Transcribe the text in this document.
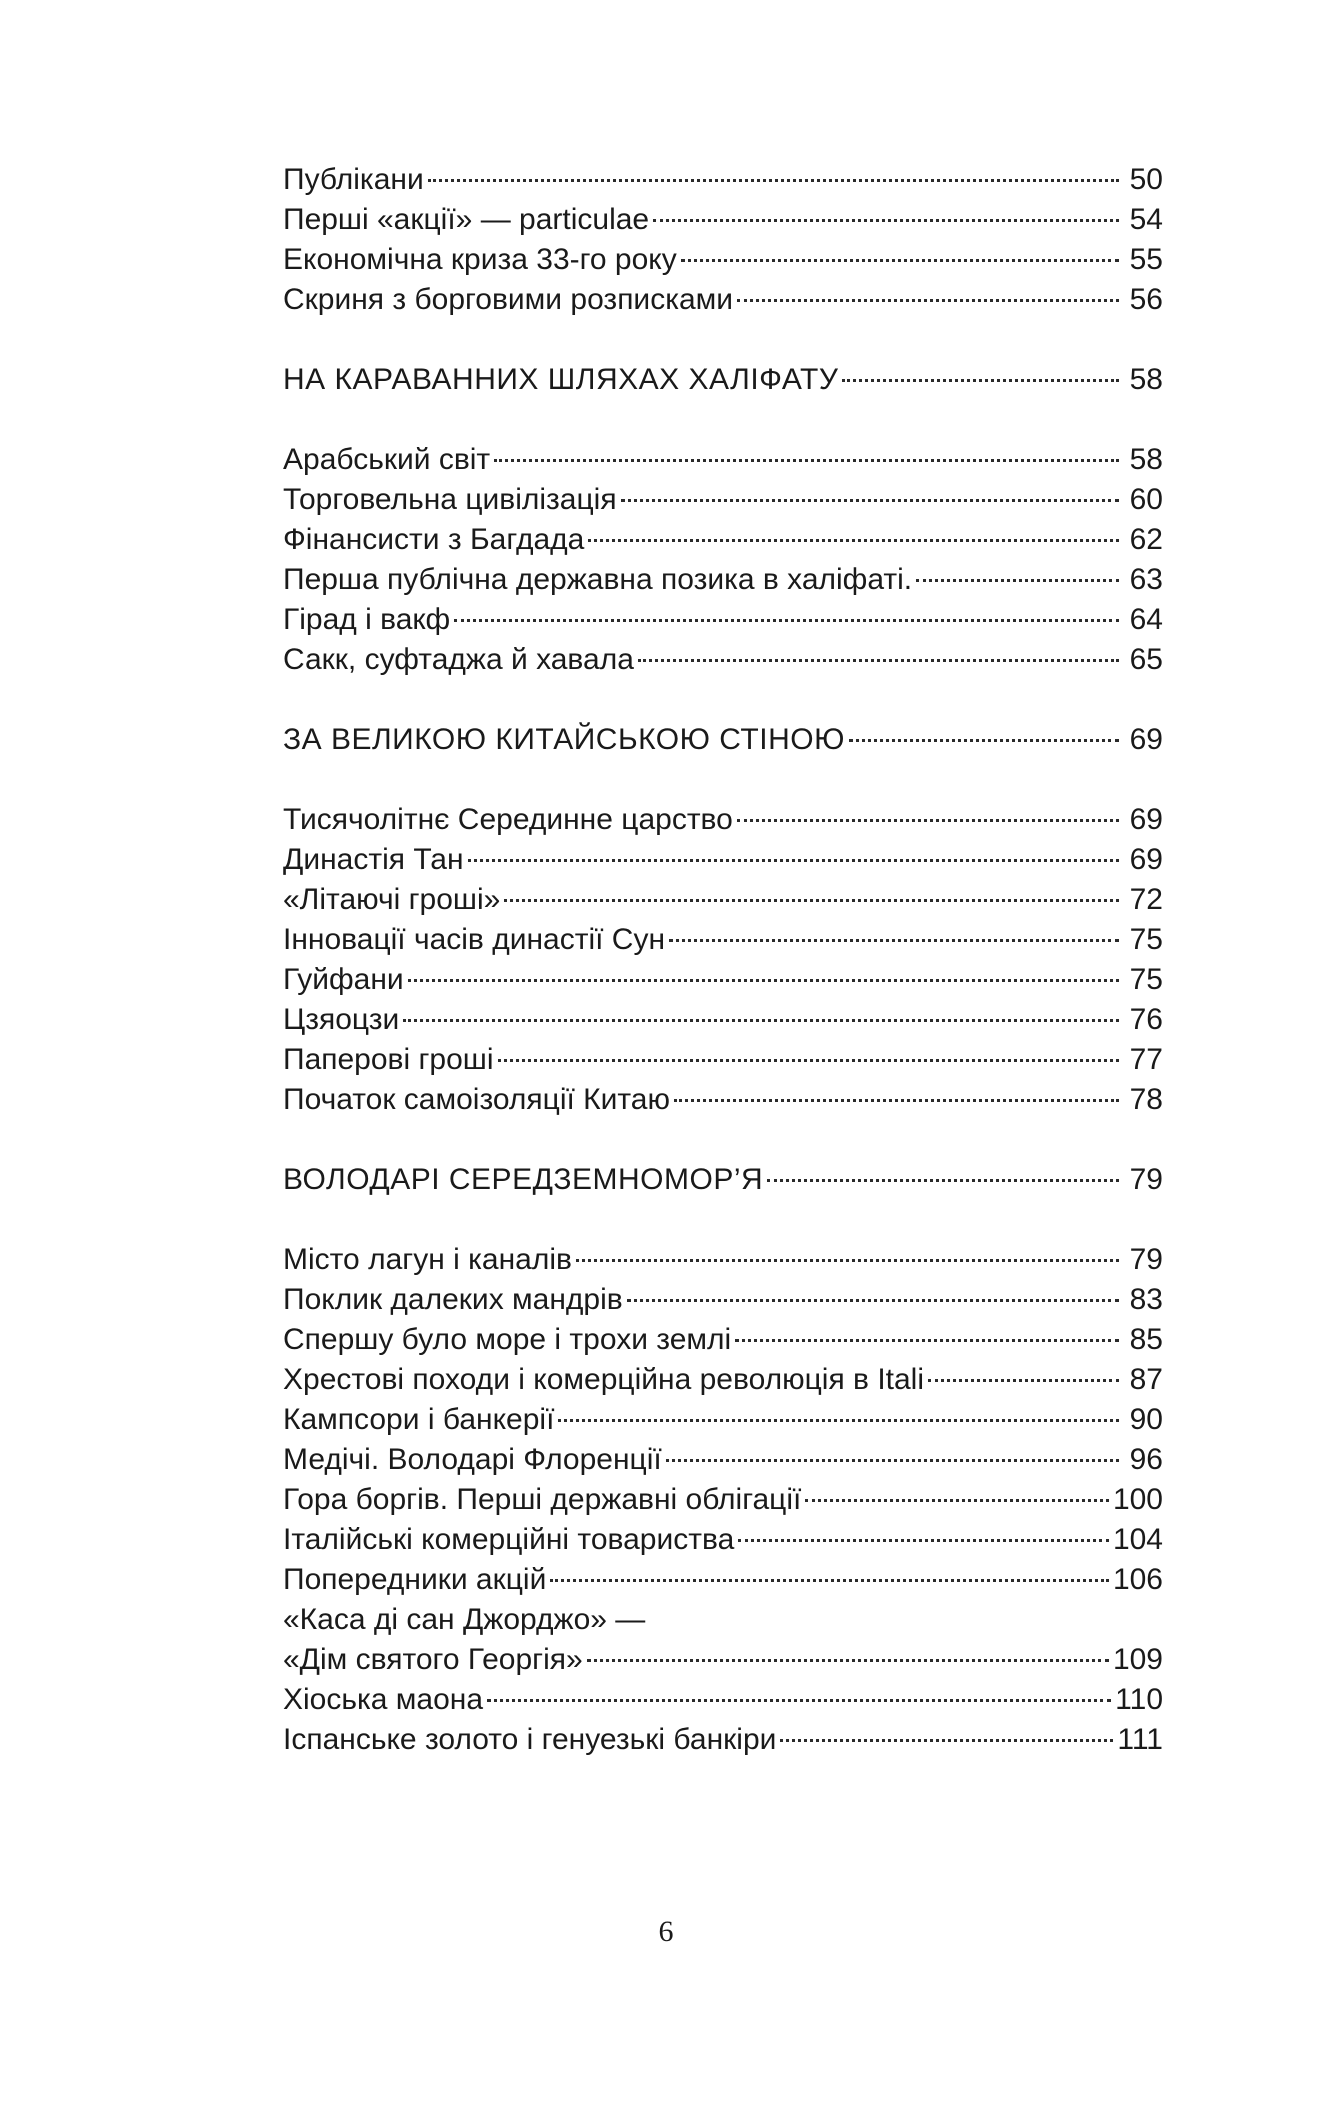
Публікани	50
Перші «акції» — particulae	54
Економічна криза 33-го року	55
Скриня з борговими розписками	56
НА КАРАВАННИХ ШЛЯХАХ ХАЛІФАТУ	58
Арабський світ	58
Торговельна цивілізація	60
Фінансисти з Багдада	62
Перша публічна державна позика в халіфаті.	63
Гірад і вакф	64
Сакк, суфтаджа й хавала	65
ЗА ВЕЛИКОЮ КИТАЙСЬКОЮ СТІНОЮ	69
Тисячолітнє Серединне царство	69
Династія Тан	69
«Літаючі гроші»	72
Інновації часів династії Сун	75
Гуйфани	75
Цзяоцзи	76
Паперові гроші	77
Початок самоізоляції Китаю	78
ВОЛОДАРІ СЕРЕДЗЕМНОМОР’Я	79
Місто лагун і каналів	79
Поклик далеких мандрів	83
Спершу було море і трохи землі	85
Хрестові походи і комерційна революція в Italі	87
Кампсори і банкерії	90
Медічі. Володарі Флоренції	96
Гора боргів. Перші державні облігації	100
Італійські комерційні товариства	104
Попередники акцій	106
«Каса ді сан Джорджо» —
«Дім святого Георгія»	109
Хіоська маона	110
Іспанське золото і генуезькі банкіри	111
6
